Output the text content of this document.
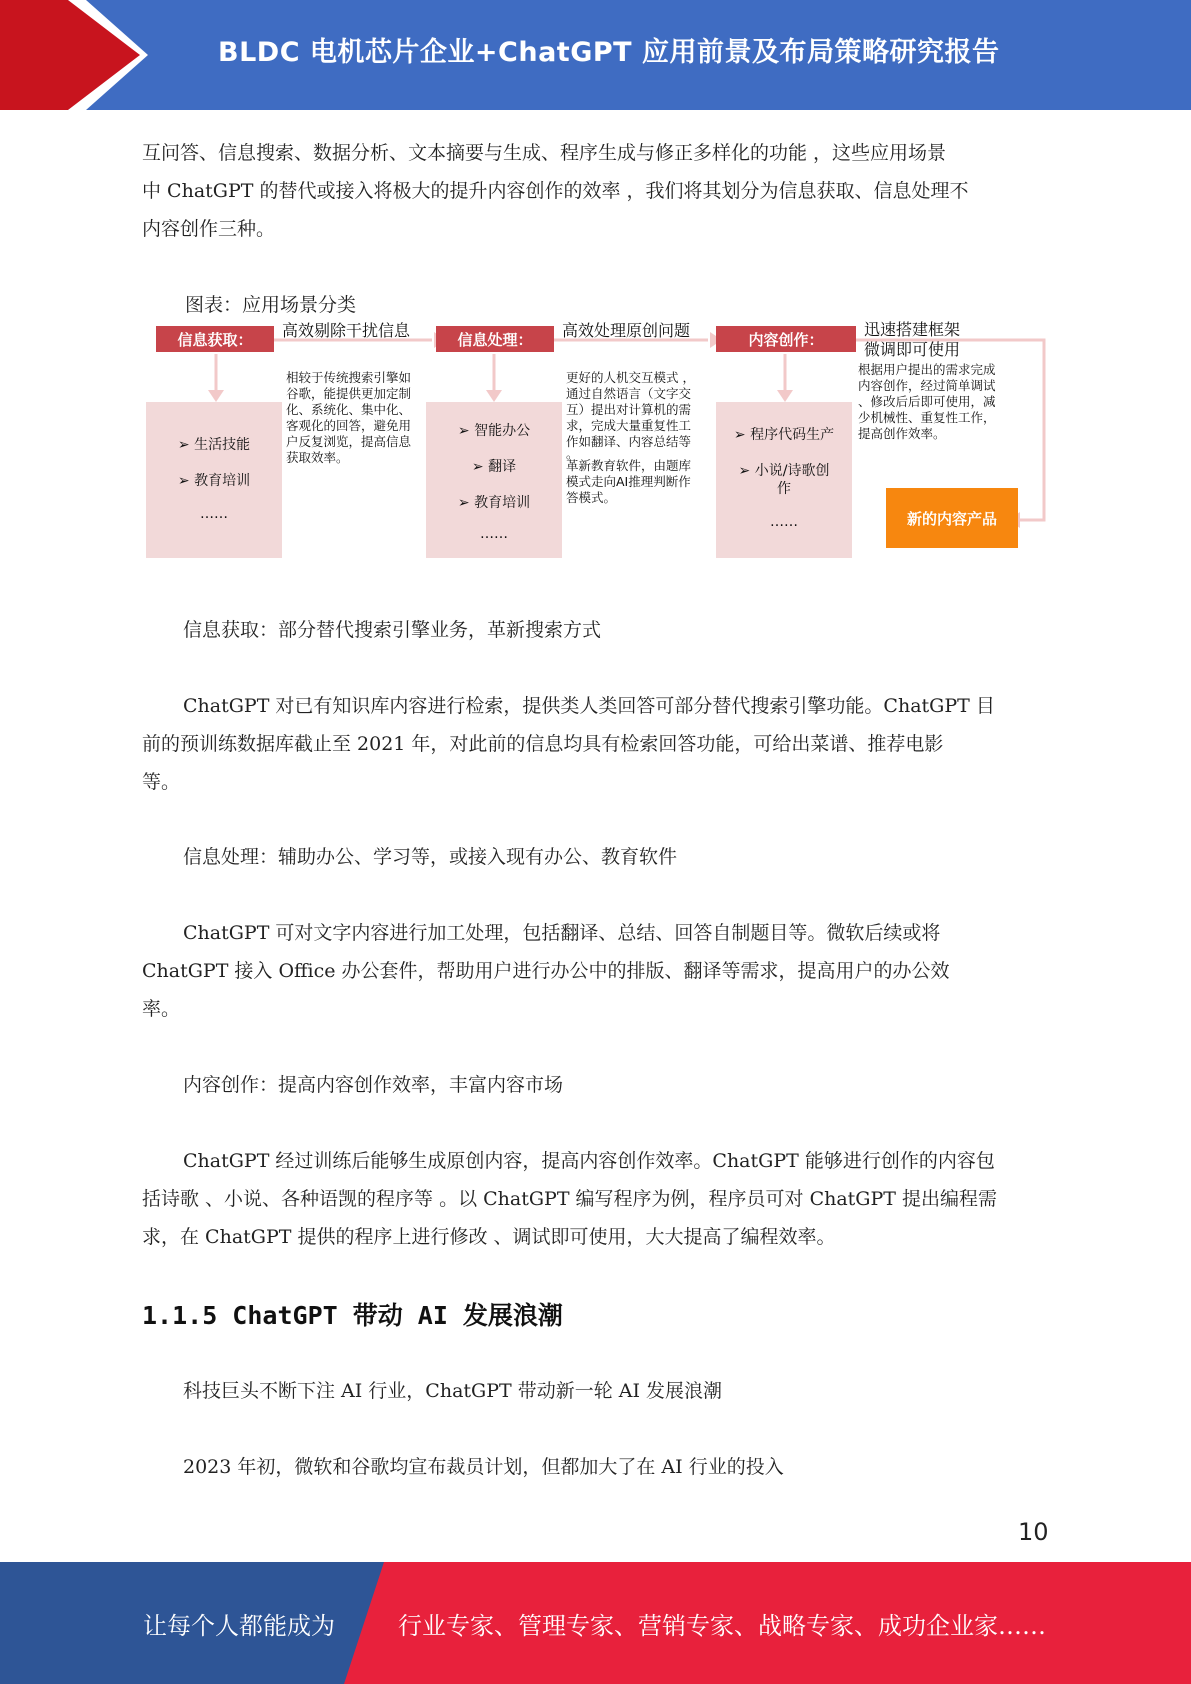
BLDC 电机芯片企业+ChatGPT 应用前景及布局策略研究报告
互问答、信息搜索、数据分析、文本摘要与生成、程序生成与修正多样化的功能 ，这些应用场景
中 ChatGPT 的替代或接入将极大的提升内容创作的效率 ，我们将其划分为信息获取、信息处理不
内容创作三种。
图表：应用场景分类
信息获取：	高效剔除干扰信息
➢ 生活技能
➢ 教育培训
……
相较于传统搜索引擎如
谷歌，能提供更加定制
化、系统化、集中化、
客观化的回答，避免用
户反复浏览，提高信息
获取效率。
信息处理：	高效处理原创问题
➢ 智能办公
➢ 翻译
➢ 教育培训
……
更好的人机交互模式 ，
通过自然语言（文字交
互）提出对计算机的需
求，完成大量重复性工
作如翻译、内容总结等
。
革新教育软件，由题库
模式走向AI推理判断作
答模式。
内容创作：
迅速搭建框架
微调即可使用
➢ 程序代码生产
➢ 小说/诗歌创
作
……
根据用户提出的需求完成
内容创作，经过简单调试
、修改后后即可使用，减
少机械性、重复性工作，
提高创作效率。
新的内容产品
信息获取：部分替代搜索引擎业务，革新搜索方式
ChatGPT 对已有知识库内容进行检索，提供类人类回答可部分替代搜索引擎功能。ChatGPT 目
前的预训练数据库截止至 2021 年，对此前的信息均具有检索回答功能，可给出菜谱、推荐电影
等。
信息处理：辅助办公、学习等，或接入现有办公、教育软件
ChatGPT 可对文字内容进行加工处理，包括翻译、总结、回答自制题目等。微软后续或将
ChatGPT 接入 Office 办公套件，帮助用户进行办公中的排版、翻译等需求，提高用户的办公效
率。
内容创作：提高内容创作效率，丰富内容市场
ChatGPT 经过训练后能够生成原创内容，提高内容创作效率。ChatGPT 能够进行创作的内容包
括诗歌 、小说、各种语觊的程序等 。以 ChatGPT 编写程序为例，程序员可对 ChatGPT 提出编程需
求，在 ChatGPT 提供的程序上进行修改 、调试即可使用，大大提高了编程效率。
1.1.5 ChatGPT 带动 AI 发展浪潮
科技巨头不断下注 AI 行业，ChatGPT 带动新一轮 AI 发展浪潮
2023 年初，微软和谷歌均宣布裁员计划，但都加大了在 AI 行业的投入
10
让每个人都能成为	行业专家、管理专家、营销专家、战略专家、成功企业家……
